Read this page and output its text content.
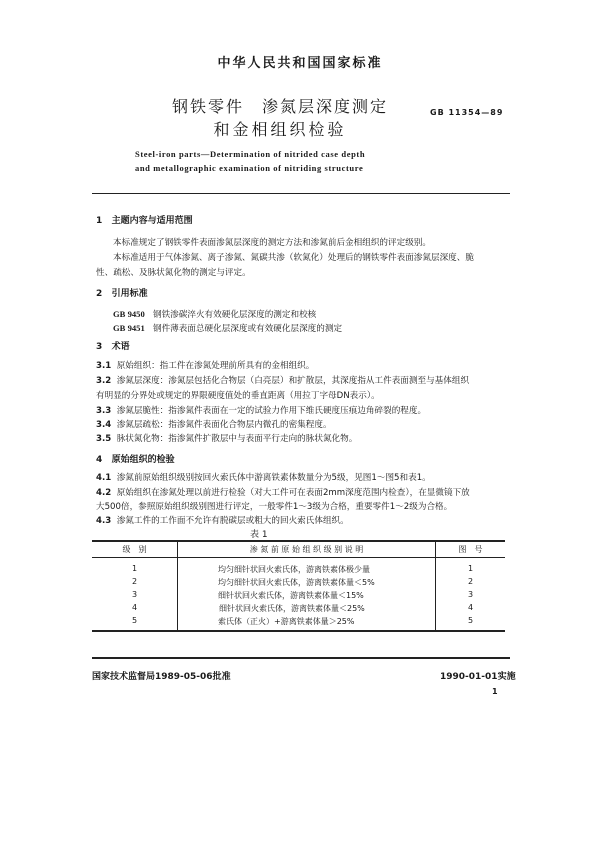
中华人民共和国国家标准
钢铁零件　渗氮层深度测定
和金相组织检验
GB 11354—89
Steel-iron parts—Determination of nitrided case depth
and metallographic examination of nitriding structure
1 主题内容与适用范围
本标准规定了钢铁零件表面渗氮层深度的测定方法和渗氮前后金相组织的评定级别。
本标准适用于气体渗氮、离子渗氮、氮碳共渗（软氮化）处理后的钢铁零件表面渗氮层深度、脆
性、疏松、及脉状氮化物的测定与评定。
2 引用标准
GB 9450 钢铁渗碳淬火有效硬化层深度的测定和校核
GB 9451 钢件薄表面总硬化层深度或有效硬化层深度的测定
3 术语
3.1 原始组织：指工件在渗氮处理前所具有的金相组织。
3.2 渗氮层深度：渗氮层包括化合物层（白亮层）和扩散层，其深度指从工件表面测至与基体组织
有明显的分界处或规定的界限硬度值处的垂直距离（用拉丁字母DN表示）。
3.3 渗氮层脆性：指渗氮件表面在一定的试验力作用下维氏硬度压痕边角碎裂的程度。
3.4 渗氮层疏松：指渗氮件表面化合物层内微孔的密集程度。
3.5 脉状氮化物：指渗氮件扩散层中与表面平行走向的脉状氮化物。
4 原始组织的检验
4.1 渗氮前原始组织级别按回火索氏体中游离铁素体数量分为5级，见图1～图5和表1。
4.2 原始组织在渗氮处理以前进行检验（对大工件可在表面2mm深度范围内检查），在显微镜下放
大500倍，参照原始组织级别图进行评定，一般零件1～3级为合格，重要零件1～2级为合格。
4.3 渗氮工件的工作面不允许有脱碳层或粗大的回火索氏体组织。
表 1
级　别	渗 氮 前 原 始 组 织 级 别 说 明	图　号
1	均匀细针状回火索氏体，游离铁素体极少量	1
2	均匀细针状回火索氏体，游离铁素体量＜5%	2
3	细针状回火索氏体，游离铁素体量＜15%	3
4	细针状回火索氏体，游离铁素体量＜25%	4
5	索氏体（正火）+游离铁素体量＞25%	5
国家技术监督局1989-05-06批准	1990-01-01实施
1
